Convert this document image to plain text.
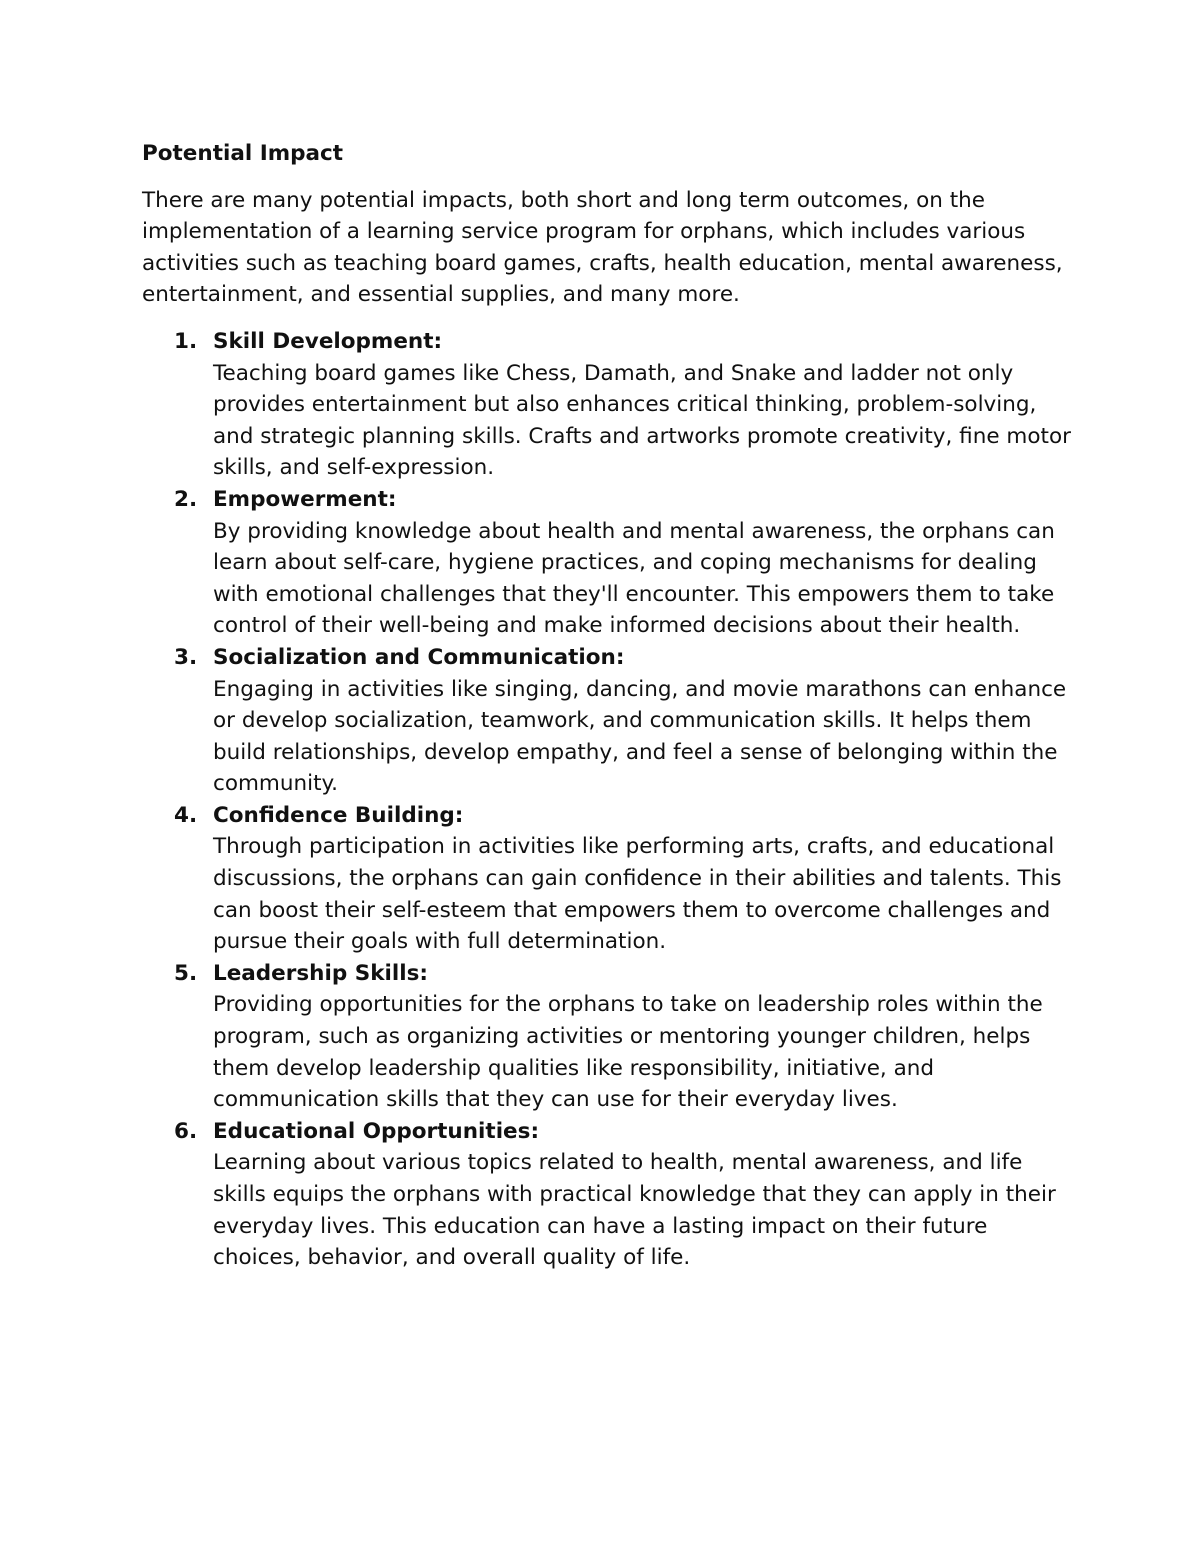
Potential Impact
There are many potential impacts, both short and long term outcomes, on the implementation of a learning service program for orphans, which includes various activities such as teaching board games, crafts, health education, mental awareness, entertainment, and essential supplies, and many more.
1. Skill Development:
Teaching board games like Chess, Damath, and Snake and ladder not only provides entertainment but also enhances critical thinking, problem-solving, and strategic planning skills. Crafts and artworks promote creativity, fine motor skills, and self-expression.
2. Empowerment:
By providing knowledge about health and mental awareness, the orphans can learn about self-care, hygiene practices, and coping mechanisms for dealing with emotional challenges that they'll encounter. This empowers them to take control of their well-being and make informed decisions about their health.
3. Socialization and Communication:
Engaging in activities like singing, dancing, and movie marathons can enhance or develop socialization, teamwork, and communication skills. It helps them build relationships, develop empathy, and feel a sense of belonging within the community.
4. Confidence Building:
Through participation in activities like performing arts, crafts, and educational discussions, the orphans can gain confidence in their abilities and talents. This can boost their self-esteem that empowers them to overcome challenges and pursue their goals with full determination.
5. Leadership Skills:
Providing opportunities for the orphans to take on leadership roles within the program, such as organizing activities or mentoring younger children, helps them develop leadership qualities like responsibility, initiative, and communication skills that they can use for their everyday lives.
6. Educational Opportunities:
Learning about various topics related to health, mental awareness, and life skills equips the orphans with practical knowledge that they can apply in their everyday lives. This education can have a lasting impact on their future choices, behavior, and overall quality of life.
